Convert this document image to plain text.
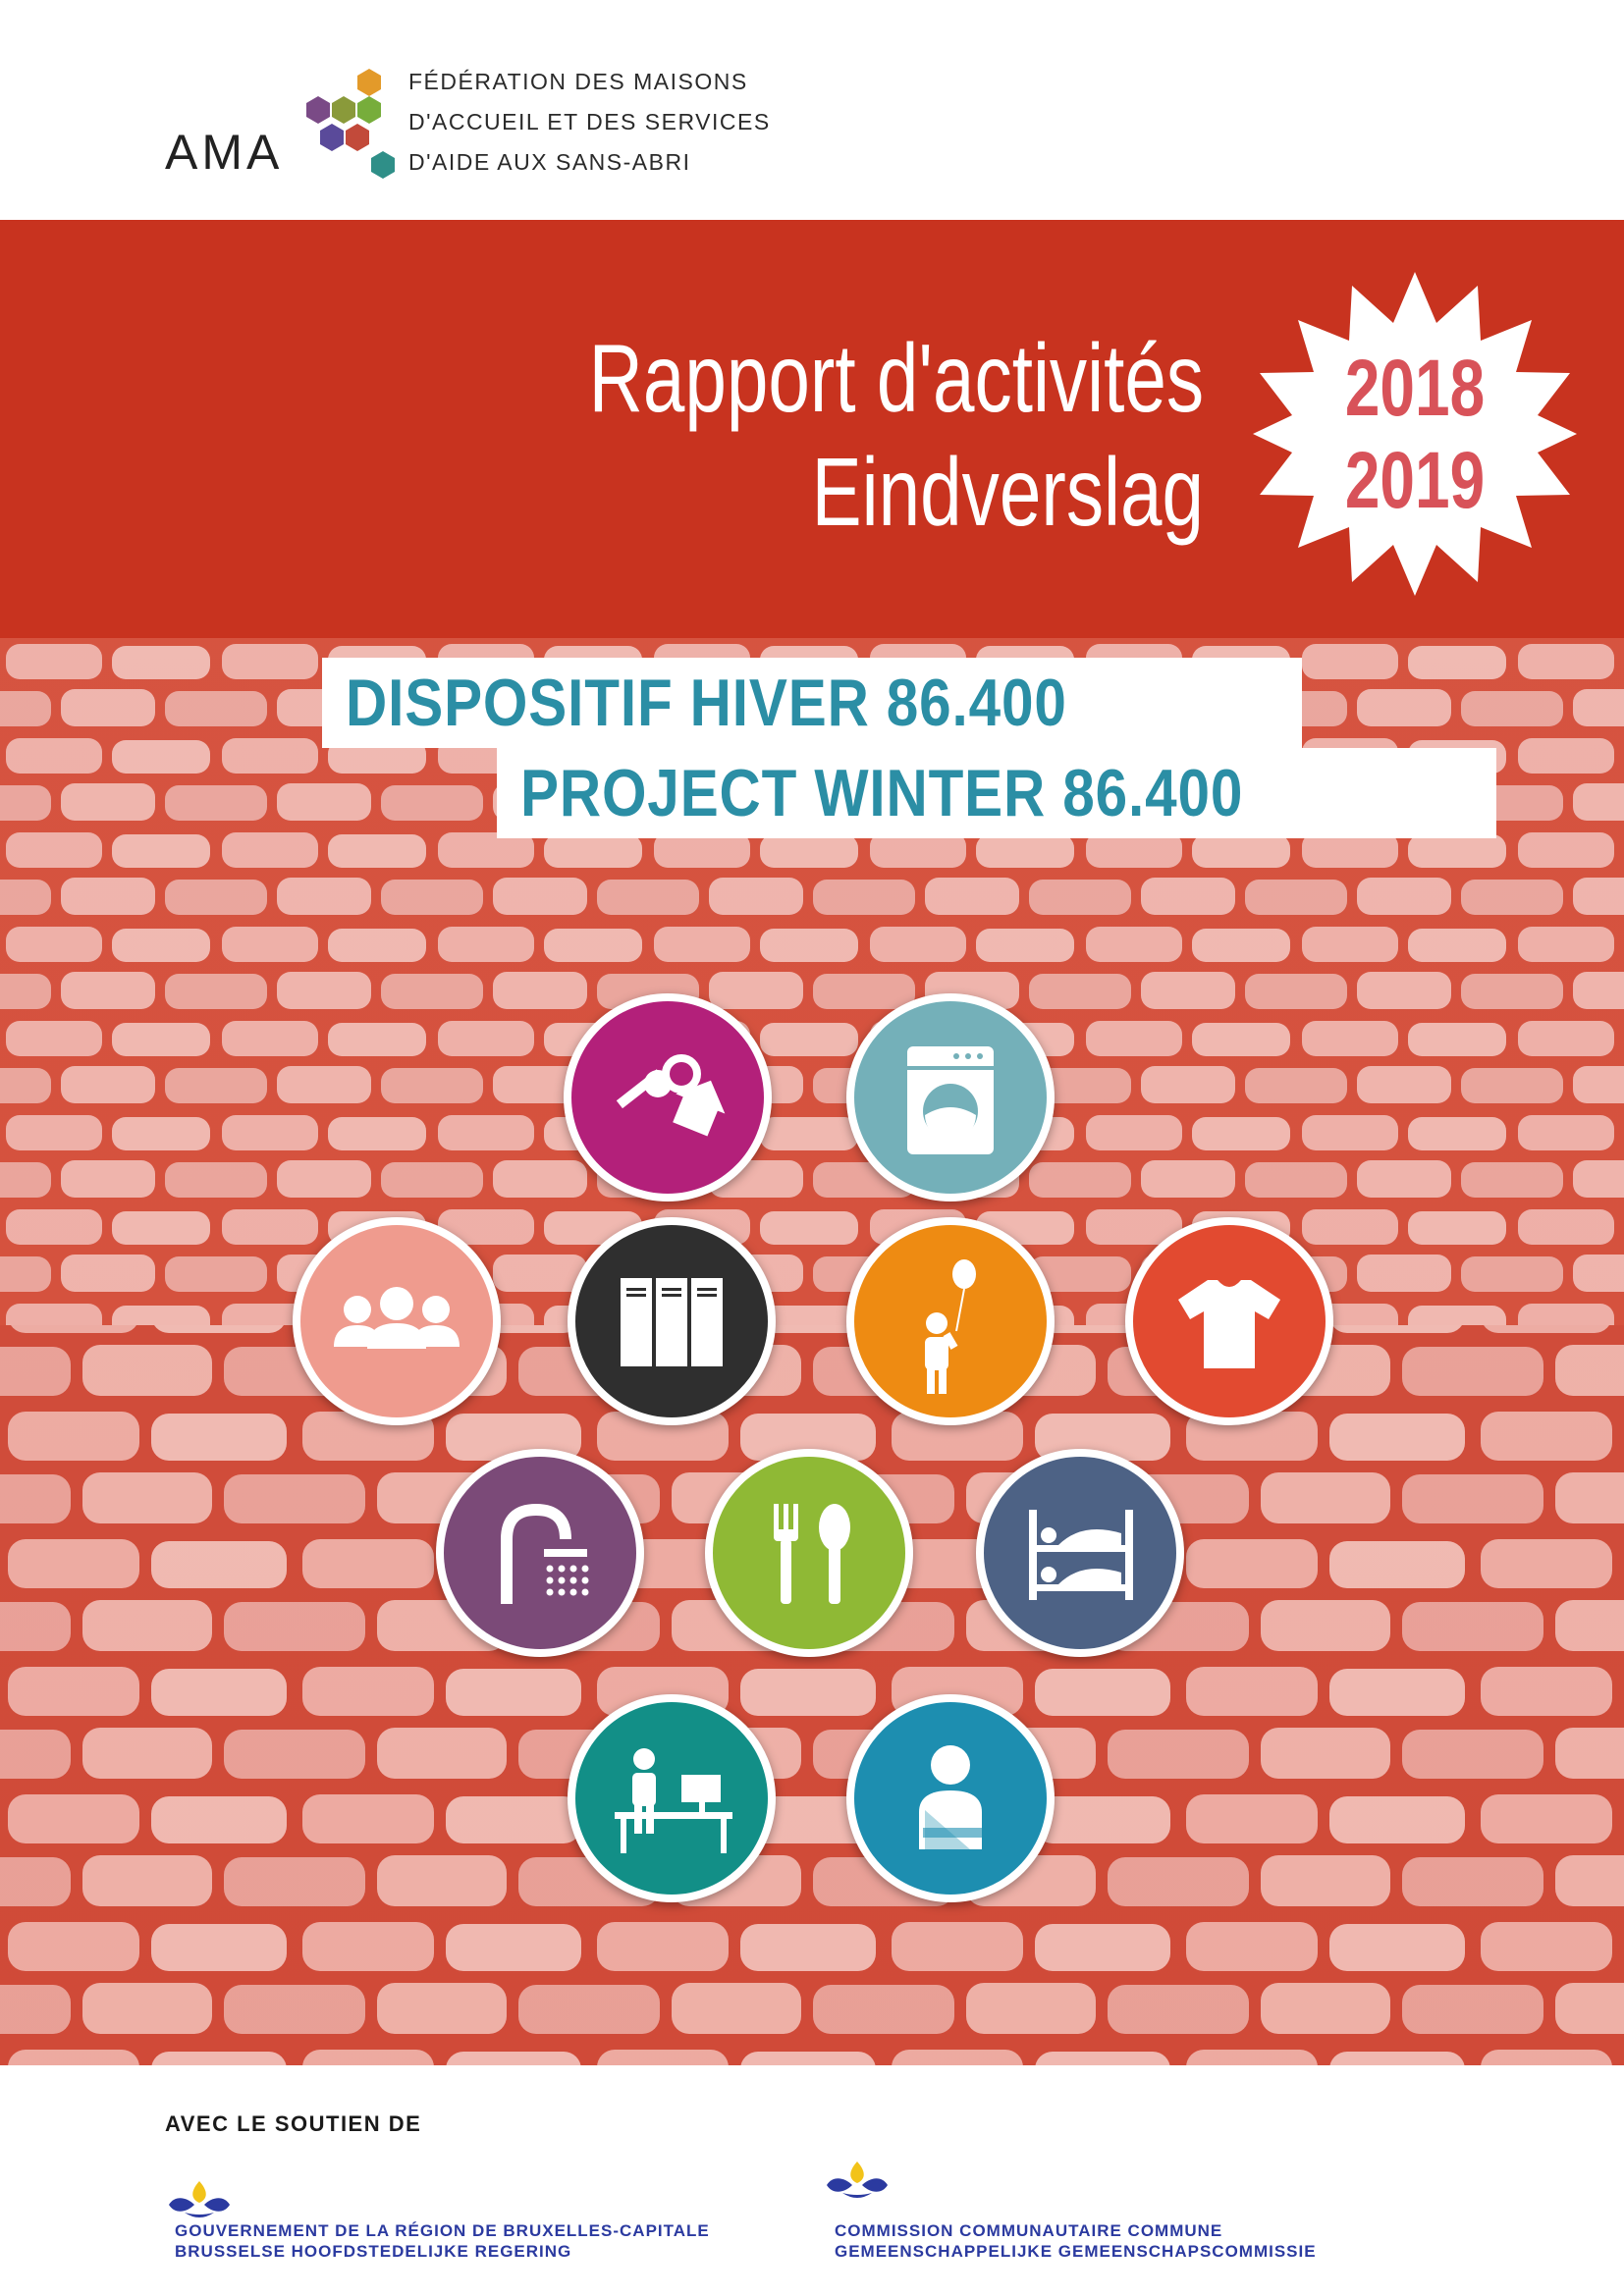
AMA
FÉDÉRATION DES MAISONS
D'ACCUEIL ET DES SERVICES
D'AIDE AUX SANS-ABRI
Rapport d'activités
Eindverslag
2018
2019
DISPOSITIF HIVER 86.400
PROJECT WINTER 86.400
AVEC LE SOUTIEN DE
GOUVERNEMENT DE LA RÉGION DE BRUXELLES-CAPITALE
BRUSSELSE HOOFDSTEDELIJKE REGERING
COMMISSION COMMUNAUTAIRE COMMUNE
GEMEENSCHAPPELIJKE GEMEENSCHAPSCOMMISSIE
